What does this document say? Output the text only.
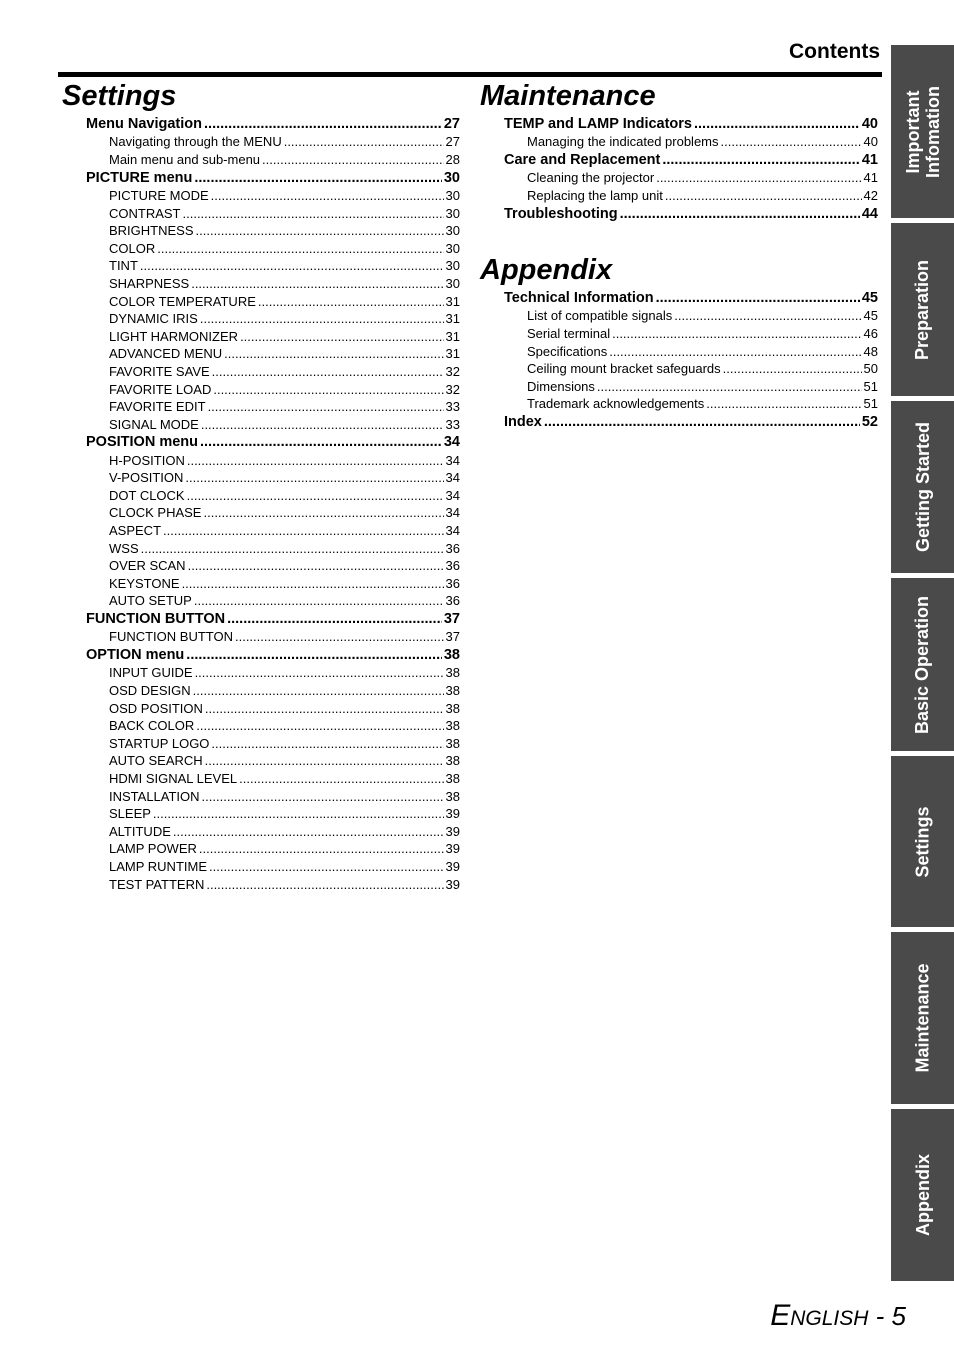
Contents
Settings
Menu Navigation .....	27
Navigating through the MENU .....	27
Main menu and sub-menu .....	28
PICTURE menu .....	30
PICTURE MODE .....	30
CONTRAST .....	30
BRIGHTNESS .....	30
COLOR .....	30
TINT .....	30
SHARPNESS .....	30
COLOR TEMPERATURE .....	31
DYNAMIC IRIS .....	31
LIGHT HARMONIZER .....	31
ADVANCED MENU .....	31
FAVORITE SAVE .....	32
FAVORITE LOAD .....	32
FAVORITE EDIT .....	33
SIGNAL MODE .....	33
POSITION menu .....	34
H-POSITION .....	34
V-POSITION .....	34
DOT CLOCK .....	34
CLOCK PHASE .....	34
ASPECT .....	34
WSS .....	36
OVER SCAN .....	36
KEYSTONE .....	36
AUTO SETUP .....	36
FUNCTION BUTTON .....	37
FUNCTION BUTTON .....	37
OPTION menu .....	38
INPUT GUIDE .....	38
OSD DESIGN .....	38
OSD POSITION .....	38
BACK COLOR .....	38
STARTUP LOGO .....	38
AUTO SEARCH .....	38
HDMI SIGNAL LEVEL .....	38
INSTALLATION .....	38
SLEEP .....	39
ALTITUDE .....	39
LAMP POWER .....	39
LAMP RUNTIME .....	39
TEST PATTERN .....	39
Maintenance
TEMP and LAMP Indicators .....	40
Managing the indicated problems .....	40
Care and Replacement .....	41
Cleaning the projector .....	41
Replacing the lamp unit .....	42
Troubleshooting .....	44
Appendix
Technical Information .....	45
List of compatible signals .....	45
Serial terminal .....	46
Specifications .....	48
Ceiling mount bracket safeguards .....	50
Dimensions .....	51
Trademark acknowledgements .....	51
Index .....	52
Important Infomation
Preparation
Getting Started
Basic Operation
Settings
Maintenance
Appendix
ENGLISH - 5
